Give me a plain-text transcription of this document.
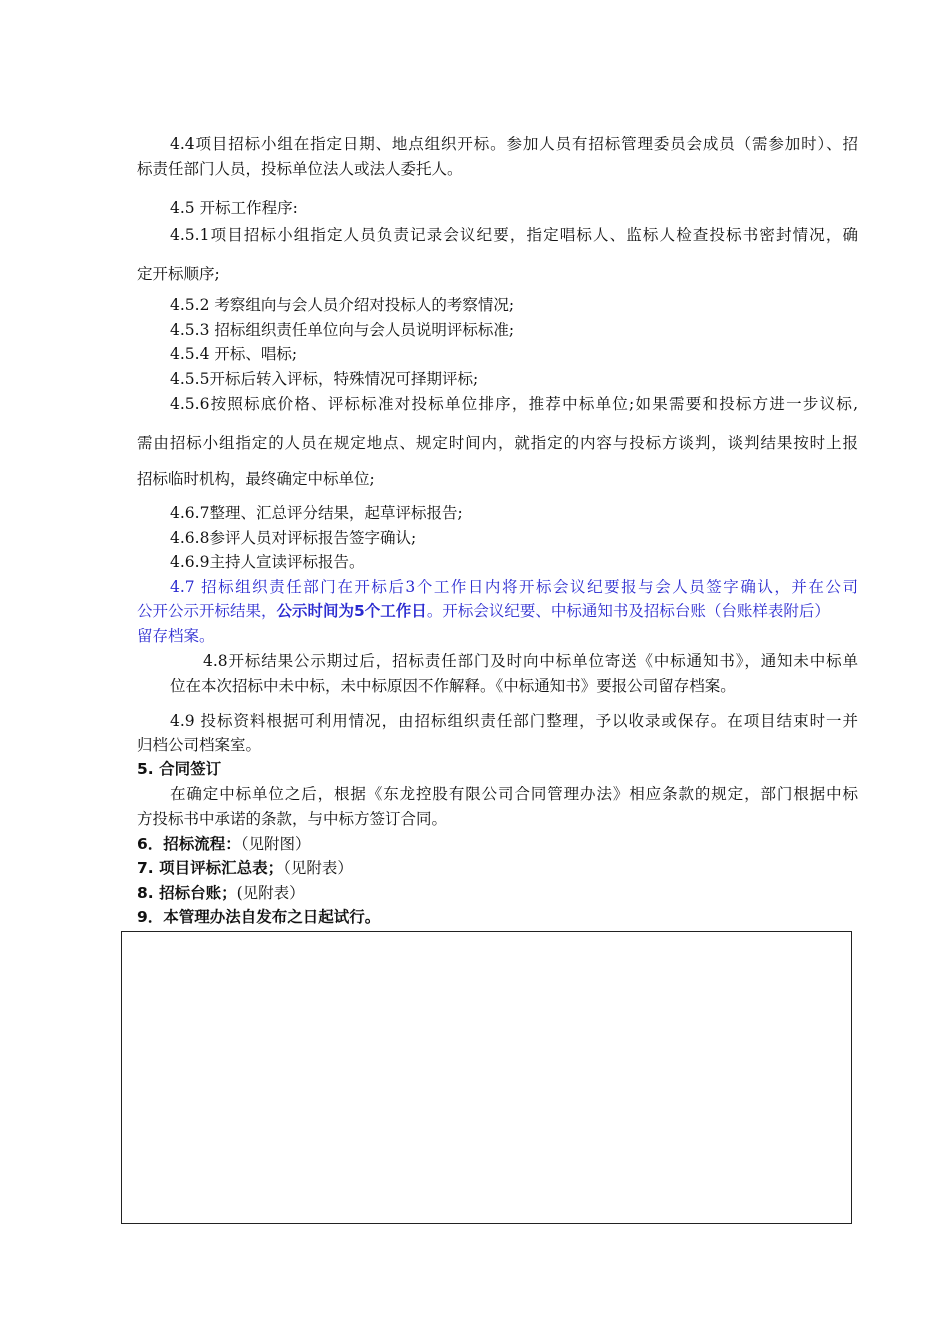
4.4项目招标小组在指定日期、地点组织开标。参加人员有招标管理委员会成员（需参加时）、招
标责任部门人员，投标单位法人或法人委托人。
4.5 开标工作程序:
4.5.1项目招标小组指定人员负责记录会议纪要，指定唱标人、监标人检查投标书密封情况，确
定开标顺序;
4.5.2 考察组向与会人员介绍对投标人的考察情况;
4.5.3 招标组织责任单位向与会人员说明评标标准;
4.5.4 开标、唱标;
4.5.5开标后转入评标，特殊情况可择期评标;
4.5.6按照标底价格、评标标准对投标单位排序，推荐中标单位;如果需要和投标方进一步议标,
需由招标小组指定的人员在规定地点、规定时间内，就指定的内容与投标方谈判，谈判结果按时上报
招标临时机构，最终确定中标单位;
4.6.7整理、汇总评分结果，起草评标报告;
4.6.8参评人员对评标报告签字确认;
4.6.9主持人宣读评标报告。
4.7 招标组织责任部门在开标后3个工作日内将开标会议纪要报与会人员签字确认，并在公司
公开公示开标结果，公示时间为5个工作日。开标会议纪要、中标通知书及招标台账（台账样表附后）
留存档案。
4.8开标结果公示期过后，招标责任部门及时向中标单位寄送《中标通知书》，通知未中标单
位在本次招标中未中标，未中标原因不作解释。《中标通知书》要报公司留存档案。
4.9 投标资料根据可利用情况，由招标组织责任部门整理，予以收录或保存。在项目结束时一并
归档公司档案室。
5. 合同签订
在确定中标单位之后，根据《东龙控股有限公司合同管理办法》相应条款的规定，部门根据中标
方投标书中承诺的条款，与中标方签订合同。
6．招标流程：（见附图）
7. 项目评标汇总表；（见附表）
8. 招标台账；(见附表）
9．本管理办法自发布之日起试行。
